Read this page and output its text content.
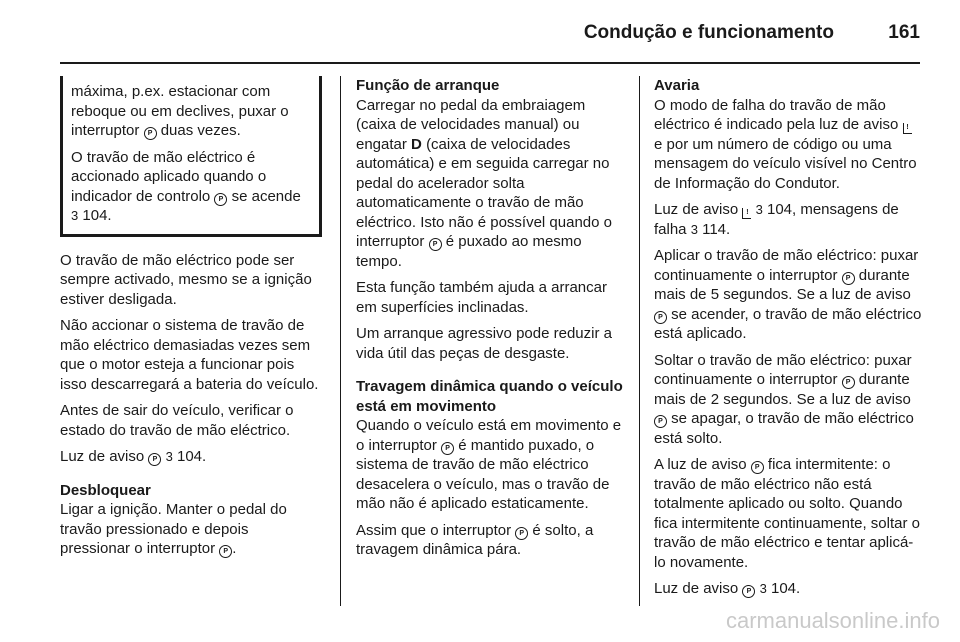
Condução e funcionamento	161

máxima, p.ex. estacionar com reboque ou em declives, puxar o interruptor P duas vezes.

O travão de mão eléctrico é accionado aplicado quando o indicador de controlo P se acende 3 104.

O travão de mão eléctrico pode ser sempre activado, mesmo se a ignição estiver desligada.

Não accionar o sistema de travão de mão eléctrico demasiadas vezes sem que o motor esteja a funcionar pois isso descarregará a bateria do veículo.

Antes de sair do veículo, verificar o estado do travão de mão eléctrico.

Luz de aviso P 3 104.

Desbloquear

Ligar a ignição. Manter o pedal do travão pressionado e depois pressionar o interruptor P .

Função de arranque

Carregar no pedal da embraiagem (caixa de velocidades manual) ou engatar D (caixa de velocidades automática) e em seguida carregar no pedal do acelerador solta automaticamente o travão de mão eléctrico. Isto não é possível quando o interruptor P é puxado ao mesmo tempo.

Esta função também ajuda a arrancar em superfícies inclinadas.

Um arranque agressivo pode reduzir a vida útil das peças de desgaste.

Travagem dinâmica quando o veículo está em movimento

Quando o veículo está em movimento e o interruptor P é mantido puxado, o sistema de travão de mão eléctrico desacelera o veículo, mas o travão de mão não é aplicado estaticamente.

Assim que o interruptor P é solto, a travagem dinâmica pára.

Avaria

O modo de falha do travão de mão eléctrico é indicado pela luz de aviso ! e por um número de código ou uma mensagem do veículo visível no Centro de Informação do Condutor.

Luz de aviso ! 3 104, mensagens de falha 3 114.

Aplicar o travão de mão eléctrico: puxar continuamente o interruptor P durante mais de 5 segundos. Se a luz de aviso P se acender, o travão de mão eléctrico está aplicado.

Soltar o travão de mão eléctrico: puxar continuamente o interruptor P durante mais de 2 segundos. Se a luz de aviso P se apagar, o travão de mão eléctrico está solto.

A luz de aviso P fica intermitente: o travão de mão eléctrico não está totalmente aplicado ou solto. Quando fica intermitente continuamente, soltar o travão de mão eléctrico e tentar aplicá-lo novamente.

Luz de aviso P 3 104.

carmanualsonline.info
